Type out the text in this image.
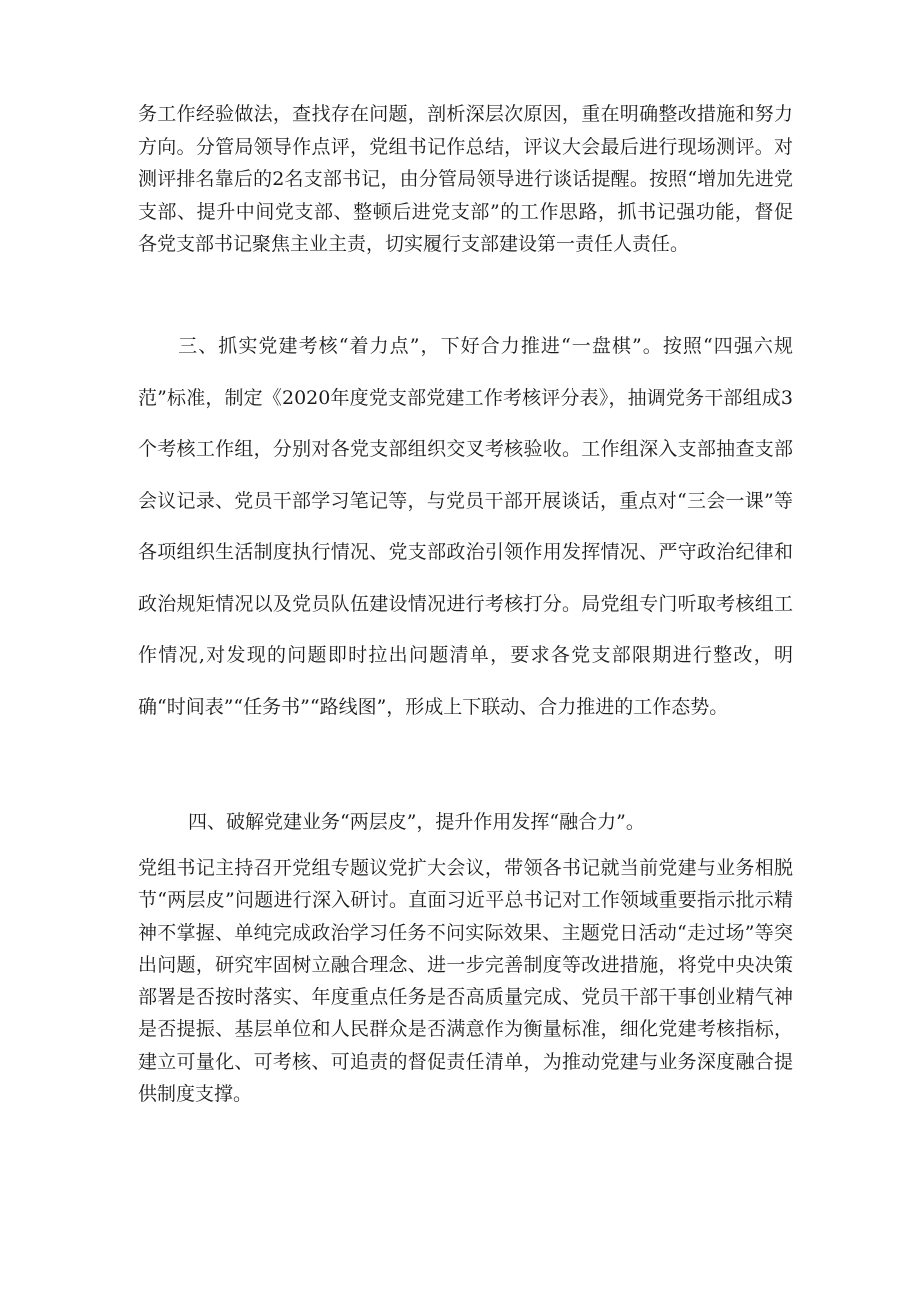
务工作经验做法，查找存在问题，剖析深层次原因，重在明确整改措施和努力方向。分管局领导作点评，党组书记作总结，评议大会最后进行现场测评。对测评排名靠后的2名支部书记，由分管局领导进行谈话提醒。按照“增加先进党支部、提升中间党支部、整顿后进党支部”的工作思路，抓书记强功能，督促各党支部书记聚焦主业主责，切实履行支部建设第一责任人责任。

　　三、抓实党建考核“着力点”，下好合力推进“一盘棋”。按照“四强六规范”标准，制定《2020年度党支部党建工作考核评分表》，抽调党务干部组成3个考核工作组，分别对各党支部组织交叉考核验收。工作组深入支部抽查支部会议记录、党员干部学习笔记等，与党员干部开展谈话，重点对“三会一课”等各项组织生活制度执行情况、党支部政治引领作用发挥情况、严守政治纪律和政治规矩情况以及党员队伍建设情况进行考核打分。局党组专门听取考核组工作情况,对发现的问题即时拉出问题清单，要求各党支部限期进行整改，明确“时间表”“任务书”“路线图”，形成上下联动、合力推进的工作态势。

四、破解党建业务“两层皮”，提升作用发挥“融合力”。

党组书记主持召开党组专题议党扩大会议，带领各书记就当前党建与业务相脱节“两层皮”问题进行深入研讨。直面习近平总书记对工作领域重要指示批示精神不掌握、单纯完成政治学习任务不问实际效果、主题党日活动“走过场”等突出问题，研究牢固树立融合理念、进一步完善制度等改进措施，将党中央决策部署是否按时落实、年度重点任务是否高质量完成、党员干部干事创业精气神是否提振、基层单位和人民群众是否满意作为衡量标准，细化党建考核指标，建立可量化、可考核、可追责的督促责任清单，为推动党建与业务深度融合提供制度支撑。
